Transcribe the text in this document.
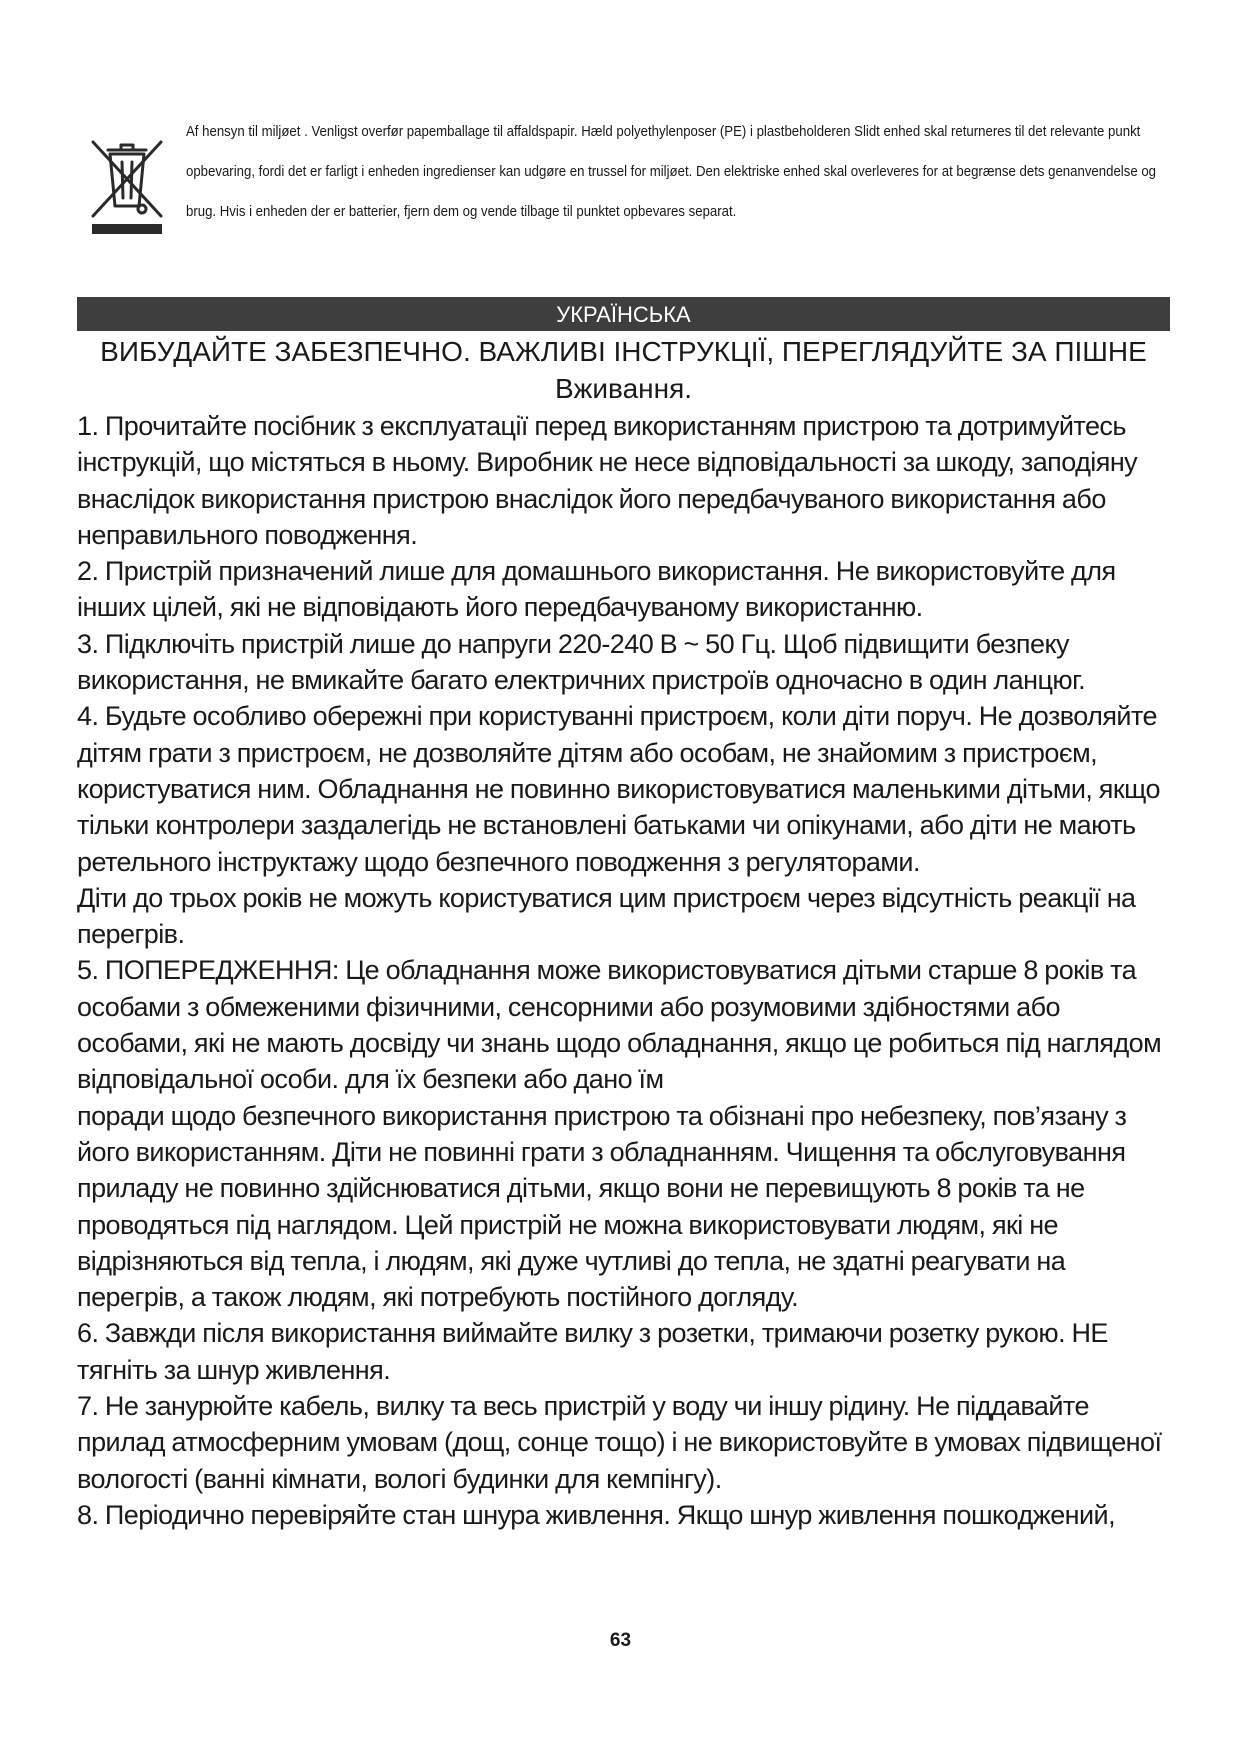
Af hensyn til miljøet . Venligst overfør papemballage til affaldspapir. Hæld polyethylenposer (PE) i plastbeholderen Slidt enhed skal returneres til det relevante punkt opbevaring, fordi det er farligt i enheden ingredienser kan udgøre en trussel for miljøet. Den elektriske enhed skal overleveres for at begrænse dets genanvendelse og brug. Hvis i enheden der er batterier, fjern dem og vende tilbage til punktet opbevares separat.

УКРАЇНСЬКА
ВИБУДАЙТЕ ЗАБЕЗПЕЧНО. ВАЖЛИВІ ІНСТРУКЦІЇ, ПЕРЕГЛЯДУЙТЕ ЗА ПІШНЕ
Вживання.

1. Прочитайте посібник з експлуатації перед використанням пристрою та дотримуйтесь інструкцій, що містяться в ньому. Виробник не несе відповідальності за шкоду, заподіяну внаслідок використання пристрою внаслідок його передбачуваного використання або неправильного поводження.

2. Пристрій призначений лише для домашнього використання. Не використовуйте для інших цілей, які не відповідають його передбачуваному використанню.

3. Підключіть пристрій лише до напруги 220-240 В ~ 50 Гц. Щоб підвищити безпеку використання, не вмикайте багато електричних пристроїв одночасно в один ланцюг.

4. Будьте особливо обережні при користуванні пристроєм, коли діти поруч. Не дозволяйте дітям грати з пристроєм, не дозволяйте дітям або особам, не знайомим з пристроєм, користуватися ним. Обладнання не повинно використовуватися маленькими дітьми, якщо тільки контролери заздалегідь не встановлені батьками чи опікунами, або діти не мають ретельного інструктажу щодо безпечного поводження з регуляторами.

Діти до трьох років не можуть користуватися цим пристроєм через відсутність реакції на перегрів.

5. ПОПЕРЕДЖЕННЯ: Це обладнання може використовуватися дітьми старше 8 років та особами з обмеженими фізичними, сенсорними або розумовими здібностями або особами, які не мають досвіду чи знань щодо обладнання, якщо це робиться під наглядом відповідальної особи. для їх безпеки або дано їм

поради щодо безпечного використання пристрою та обізнані про небезпеку, пов’язану з його використанням. Діти не повинні грати з обладнанням. Чищення та обслуговування приладу не повинно здійснюватися дітьми, якщо вони не перевищують 8 років та не проводяться під наглядом. Цей пристрій не можна використовувати людям, які не відрізняються від тепла, і людям, які дуже чутливі до тепла, не здатні реагувати на перегрів, а також людям, які потребують постійного догляду.

6. Завжди після використання виймайте вилку з розетки, тримаючи розетку рукою. НЕ тягніть за шнур живлення.

7. Не занурюйте кабель, вилку та весь пристрій у воду чи іншу рідину. Не піддавайте прилад атмосферним умовам (дощ, сонце тощо) і не використовуйте в умовах підвищеної вологості (ванні кімнати, вологі будинки для кемпінгу).

8. Періодично перевіряйте стан шнура живлення. Якщо шнур живлення пошкоджений,

63
